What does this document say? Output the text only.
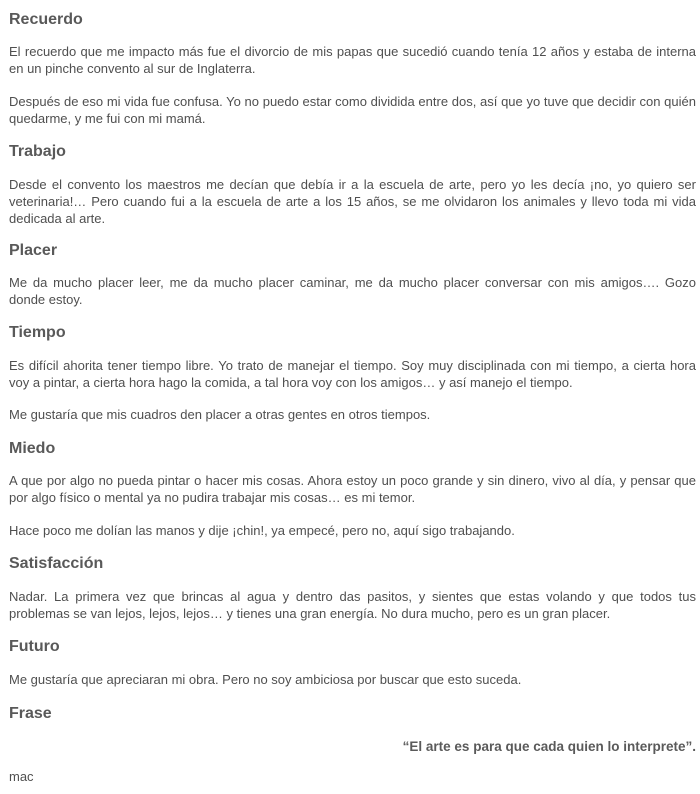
Recuerdo

El recuerdo que me impacto más fue el divorcio de mis papas que sucedió cuando tenía 12 años y estaba de interna en un pinche convento al sur de Inglaterra.

Después de eso mi vida fue confusa. Yo no puedo estar como dividida entre dos, así que yo tuve que decidir con quién quedarme, y me fui con mi mamá.

Trabajo

Desde el convento los maestros me decían que debía ir a la escuela de arte, pero yo les decía ¡no, yo quiero ser veterinaria!… Pero cuando fui a la escuela de arte a los 15 años, se me olvidaron los animales y llevo toda mi vida dedicada al arte.

Placer

Me da mucho placer leer, me da mucho placer caminar, me da mucho placer conversar con mis amigos…. Gozo donde estoy.

Tiempo

Es difícil ahorita tener tiempo libre. Yo trato de manejar el tiempo. Soy muy disciplinada con mi tiempo, a cierta hora voy a pintar, a cierta hora hago la comida, a tal hora voy con los amigos… y así manejo el tiempo.

Me gustaría que mis cuadros den placer a otras gentes en otros tiempos.

Miedo

A que por algo no pueda pintar o hacer mis cosas. Ahora estoy un poco grande y sin dinero, vivo al día, y pensar que por algo físico o mental ya no pudira trabajar mis cosas… es mi temor.

Hace poco me dolían las manos y dije ¡chin!, ya empecé, pero no, aquí sigo trabajando.

Satisfacción

Nadar. La primera vez que brincas al agua y dentro das pasitos, y sientes que estas volando y que todos tus problemas se van lejos, lejos, lejos… y tienes una gran energía. No dura mucho, pero es un gran placer.

Futuro

Me gustaría que apreciaran mi obra. Pero no soy ambiciosa por buscar que esto suceda.

Frase

“El arte es para que cada quien lo interprete”.

mac
